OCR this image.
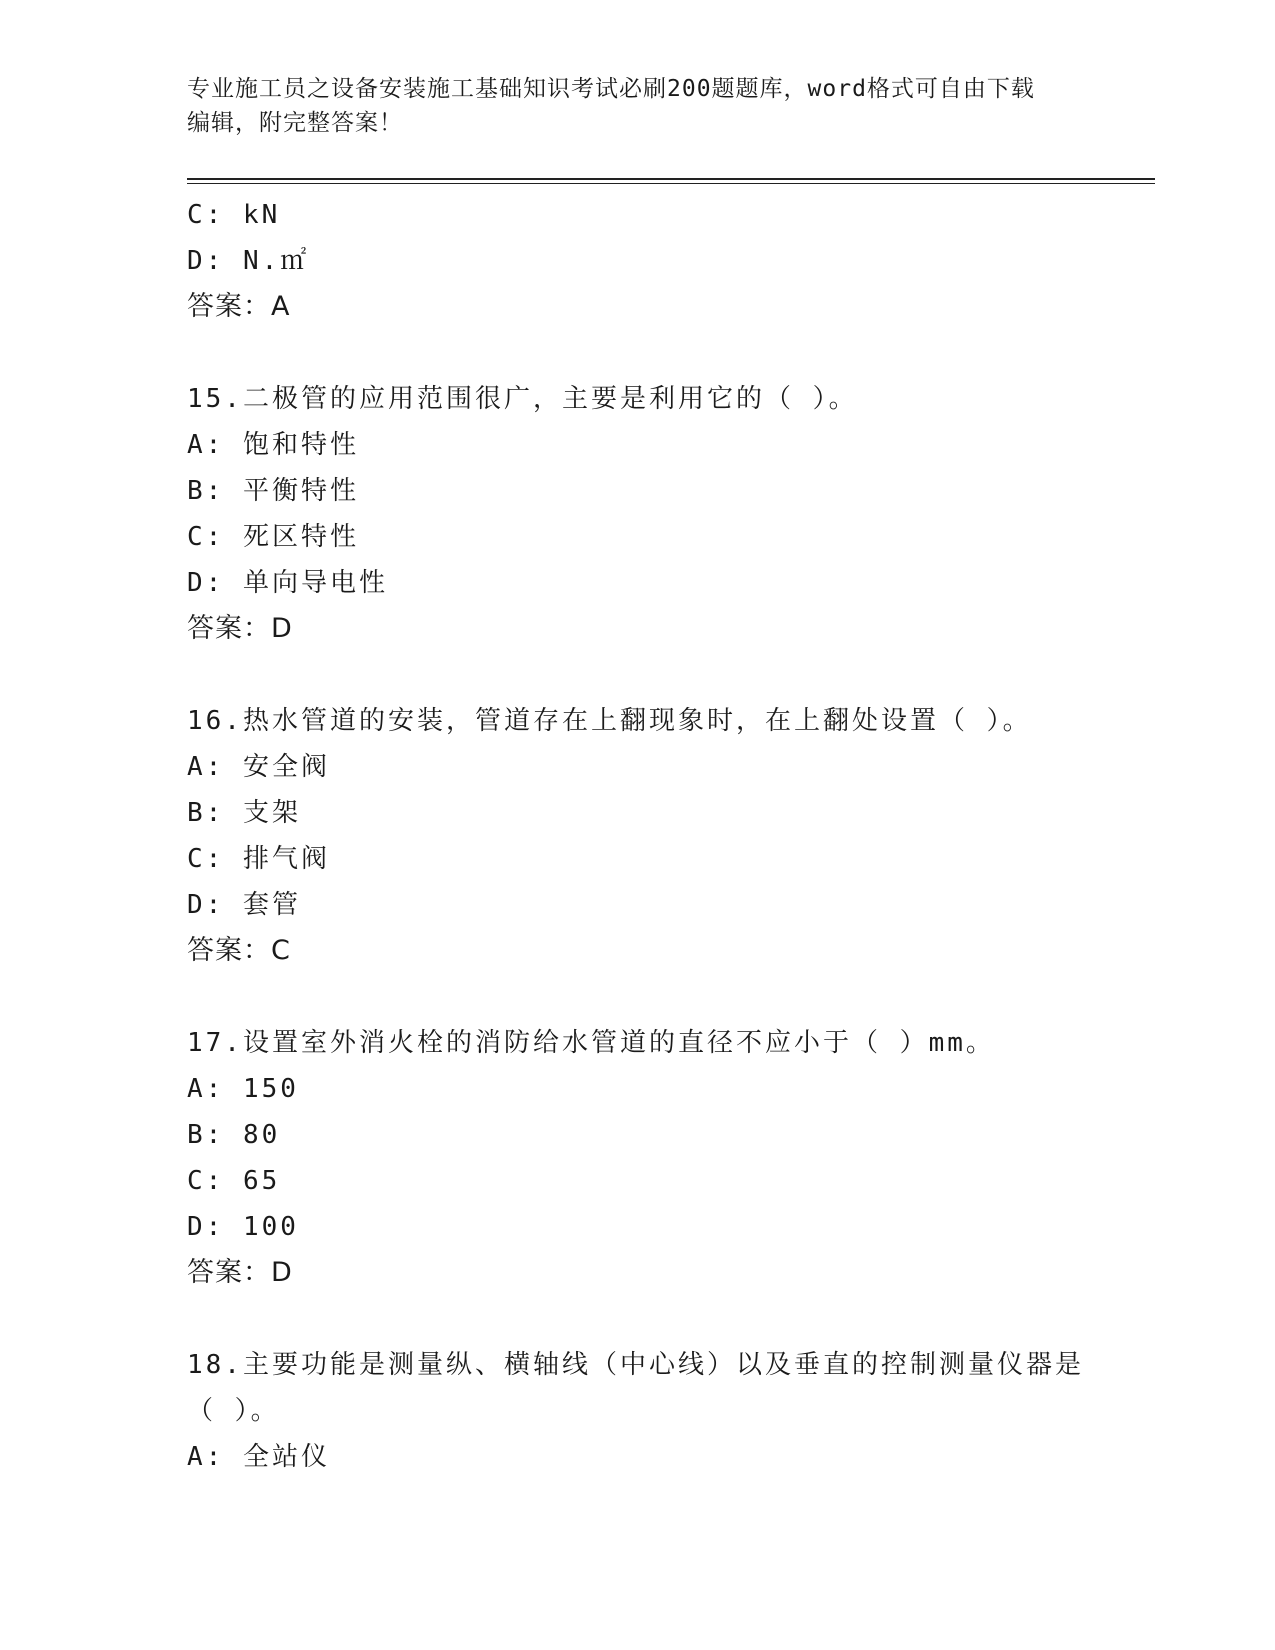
专业施工员之设备安装施工基础知识考试必刷200题题库，word格式可自由下载
编辑，附完整答案！
C: kN
D: N.㎡
答案：A
15.二极管的应用范围很广，主要是利用它的（ ）。
A: 饱和特性
B: 平衡特性
C: 死区特性
D: 单向导电性
答案：D
16.热水管道的安装，管道存在上翻现象时，在上翻处设置（ ）。
A: 安全阀
B: 支架
C: 排气阀
D: 套管
答案：C
17.设置室外消火栓的消防给水管道的直径不应小于（ ）mm。
A: 150
B: 80
C: 65
D: 100
答案：D
18.主要功能是测量纵、横轴线（中心线）以及垂直的控制测量仪器是
（ ）。
A: 全站仪
